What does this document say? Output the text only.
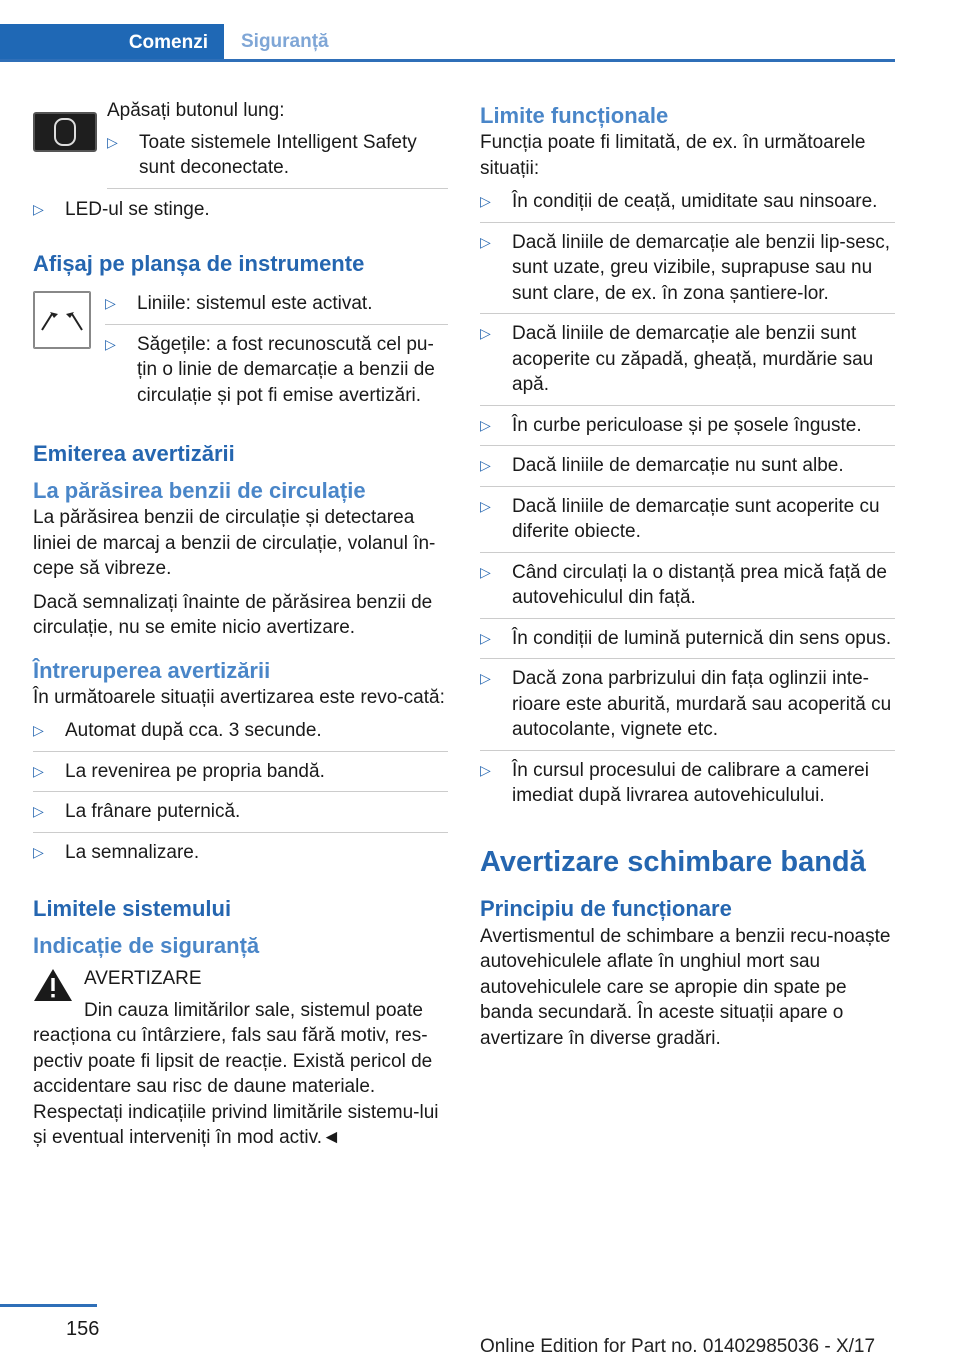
Comenzi	Siguranță

Apăsați butonul lung:

▷ Toate sistemele Intelligent Safety sunt deconectate.
▷ LED-ul se stinge.
Afișaj pe planșa de instrumente
▷ Liniile: sistemul este activat.
▷ Săgețile: a fost recunoscută cel pu-țin o linie de demarcație a benzii de circulație și pot fi emise avertizări.
Emiterea avertizării
La părăsirea benzii de circulație

La părăsirea benzii de circulație și detectarea liniei de marcaj a benzii de circulație, volanul în-cepe să vibreze.

Dacă semnalizați înainte de părăsirea benzii de circulație, nu se emite nicio avertizare.

Întreruperea avertizării

În următoarele situații avertizarea este revo-cată:

▷ Automat după cca. 3 secunde.
▷ La revenirea pe propria bandă.
▷ La frânare puternică.
▷ La semnalizare.
Limitele sistemului
Indicație de siguranță

AVERTIZARE

Din cauza limitărilor sale, sistemul poate reacționa cu întârziere, fals sau fără motiv, res-pectiv poate fi lipsit de reacție. Există pericol de accidentare sau risc de daune materiale. Respectați indicațiile privind limitările sistemu-lui și eventual interveniți în mod activ.◄

Limite funcționale

Funcția poate fi limitată, de ex. în următoarele situații:

▷ În condiții de ceață, umiditate sau ninsoare.
▷ Dacă liniile de demarcație ale benzii lip-sesc, sunt uzate, greu vizibile, suprapuse sau nu sunt clare, de ex. în zona șantiere-lor.
▷ Dacă liniile de demarcație ale benzii sunt acoperite cu zăpadă, gheață, murdărie sau apă.
▷ În curbe periculoase și pe șosele înguste.
▷ Dacă liniile de demarcație nu sunt albe.
▷ Dacă liniile de demarcație sunt acoperite cu diferite obiecte.
▷ Când circulați la o distanță prea mică față de autovehiculul din față.
▷ În condiții de lumină puternică din sens opus.
▷ Dacă zona parbrizului din fața oglinzii inte-rioare este aburită, murdară sau acoperită cu autocolante, vignete etc.
▷ În cursul procesului de calibrare a camerei imediat după livrarea autovehiculului.
Avertizare schimbare bandă
Principiu de funcționare

Avertismentul de schimbare a benzii recu-noaște autovehiculele aflate în unghiul mort sau autovehiculele care se apropie din spate pe banda secundară. În aceste situații apare o avertizare în diverse gradări.

156
Online Edition for Part no. 01402985036 - X/17
